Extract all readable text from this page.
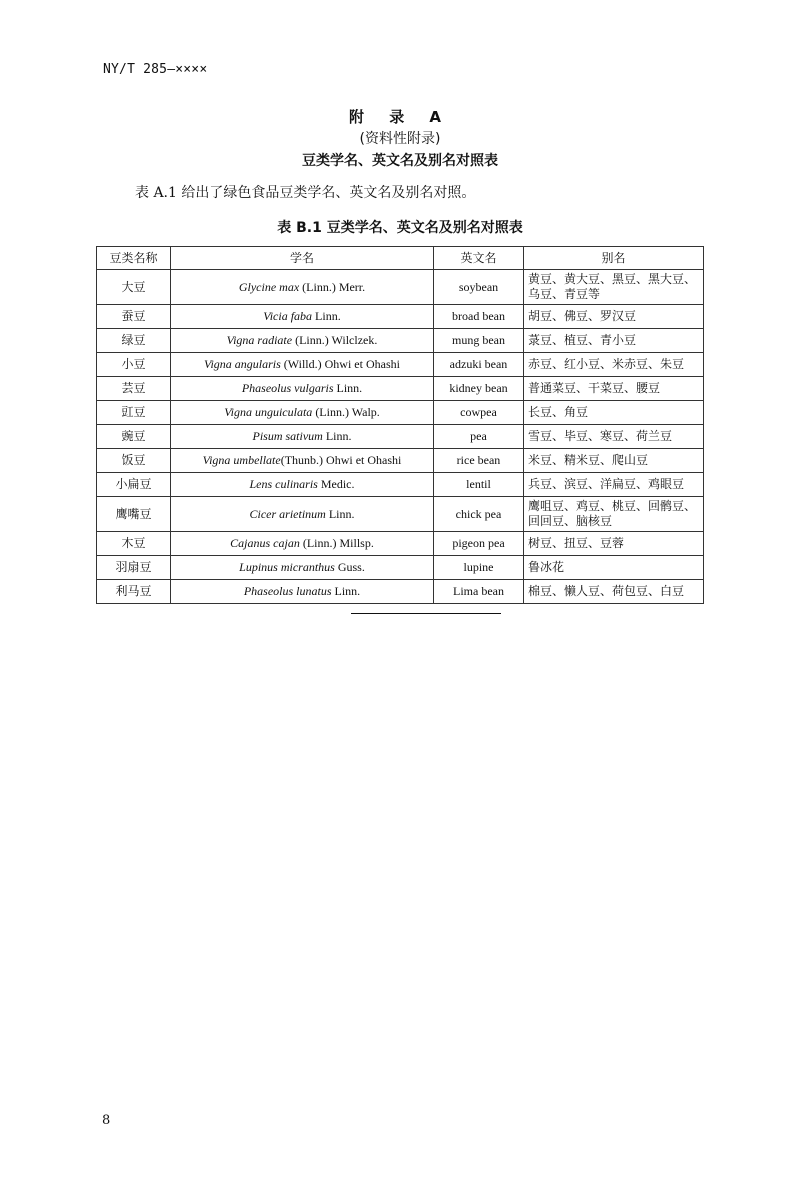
NY/T 285—××××
附 录 A
(资料性附录)
豆类学名、英文名及别名对照表
表 A.1 给出了绿色食品豆类学名、英文名及别名对照。
表 B.1 豆类学名、英文名及别名对照表
豆类名称	学名	英文名	别名
大豆	Glycine max (Linn.) Merr.	soybean	黄豆、黄大豆、黑豆、黑大豆、乌豆、青豆等
蚕豆	Vicia faba Linn.	broad bean	胡豆、佛豆、罗汉豆
绿豆	Vigna radiate (Linn.) Wilclzek.	mung bean	菉豆、植豆、青小豆
小豆	Vigna angularis (Willd.) Ohwi et Ohashi	adzuki bean	赤豆、红小豆、米赤豆、朱豆
芸豆	Phaseolus vulgaris Linn.	kidney bean	普通菜豆、干菜豆、腰豆
豇豆	Vigna unguiculata (Linn.) Walp.	cowpea	长豆、角豆
豌豆	Pisum sativum Linn.	pea	雪豆、毕豆、寒豆、荷兰豆
饭豆	Vigna umbellate(Thunb.) Ohwi et Ohashi	rice bean	米豆、精米豆、爬山豆
小扁豆	Lens culinaris Medic.	lentil	兵豆、滨豆、洋扁豆、鸡眼豆
鹰嘴豆	Cicer arietinum Linn.	chick pea	鹰咀豆、鸡豆、桃豆、回鹘豆、回回豆、脑核豆
木豆	Cajanus cajan (Linn.) Millsp.	pigeon pea	树豆、扭豆、豆蓉
羽扇豆	Lupinus micranthus Guss.	lupine	鲁冰花
利马豆	Phaseolus lunatus Linn.	Lima bean	棉豆、懒人豆、荷包豆、白豆
8
